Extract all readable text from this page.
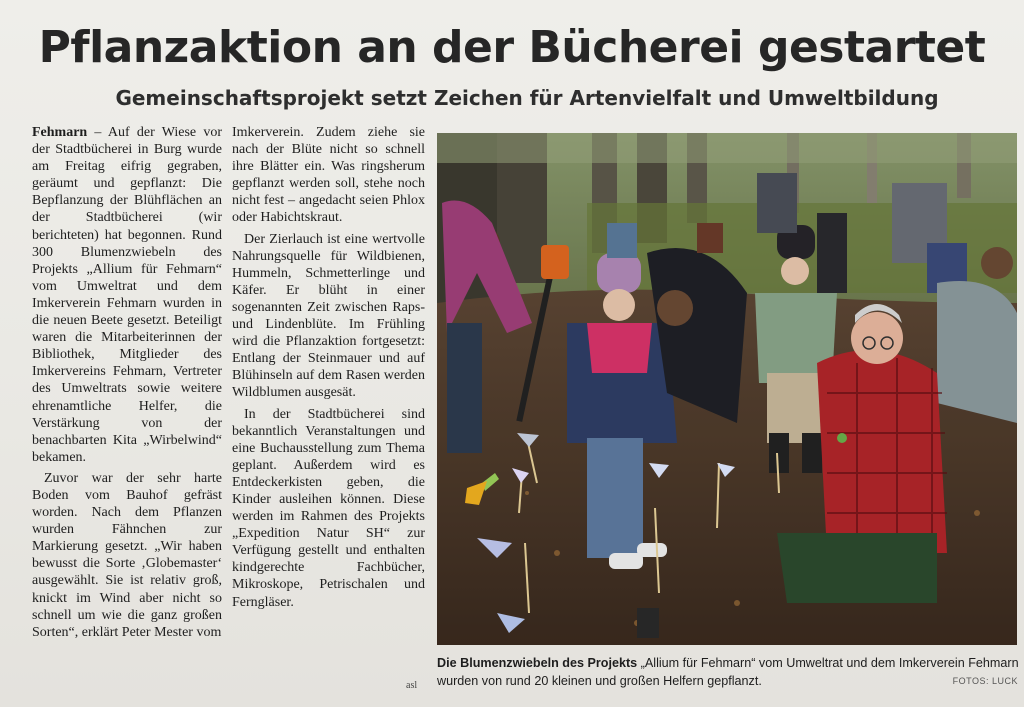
Pflanzaktion an der Bücherei gestartet
Gemeinschaftsprojekt setzt Zeichen für Artenvielfalt und Umweltbildung

Fehmarn – Auf der Wiese vor der Stadtbücherei in Burg wurde am Freitag eifrig gegraben, geräumt und gepflanzt: Die Bepflanzung der Blühflächen an der Stadtbücherei (wir berichteten) hat begonnen. Rund 300 Blumenzwiebeln des Projekts „Allium für Fehmarn“ vom Umweltrat und dem Imkerverein Fehmarn wurden in die neuen Beete gesetzt. Beteiligt waren die Mitarbeiterinnen der Bibliothek, Mitglieder des Imkervereins Fehmarn, Vertreter des Umweltrats sowie weitere ehrenamtliche Helfer, die Verstärkung von der benachbarten Kita „Wirbelwind“ bekamen.

Zuvor war der sehr harte Boden vom Bauhof gefräst worden. Nach dem Pflanzen wurden Fähnchen zur Markierung gesetzt. „Wir haben bewusst die Sorte ‚Globemaster‘ ausgewählt. Sie ist relativ groß, knickt im Wind aber nicht so schnell um wie die ganz großen Sorten“, erklärt Peter Mester vom

Imkerverein. Zudem ziehe sie nach der Blüte nicht so schnell ihre Blätter ein. Was ringsherum gepflanzt werden soll, stehe noch nicht fest – angedacht seien Phlox oder Habichtskraut.

Der Zierlauch ist eine wertvolle Nahrungsquelle für Wildbienen, Hummeln, Schmetterlinge und Käfer. Er blüht in einer sogenannten Zeit zwischen Raps- und Lindenblüte. Im Frühling wird die Pflanzaktion fortgesetzt: Entlang der Steinmauer und auf Blühinseln auf dem Rasen werden Wildblumen ausgesät.

In der Stadtbücherei sind bekanntlich Veranstaltungen und eine Buchausstellung zum Thema geplant. Außerdem wird es Entdeckerkisten geben, die Kinder ausleihen können. Diese werden im Rahmen des Projekts „Expedition Natur SH“ zur Verfügung gestellt und enthalten kindgerechte Fachbücher, Mikroskope, Petrischalen und Ferngläser.

asl
Die Blumenzwiebeln des Projekts „Allium für Fehmarn“ vom Umweltrat und dem Imkerverein Fehmarn wurden von rund 20 kleinen und großen Helfern gepflanzt.	FOTOS: LUCK
